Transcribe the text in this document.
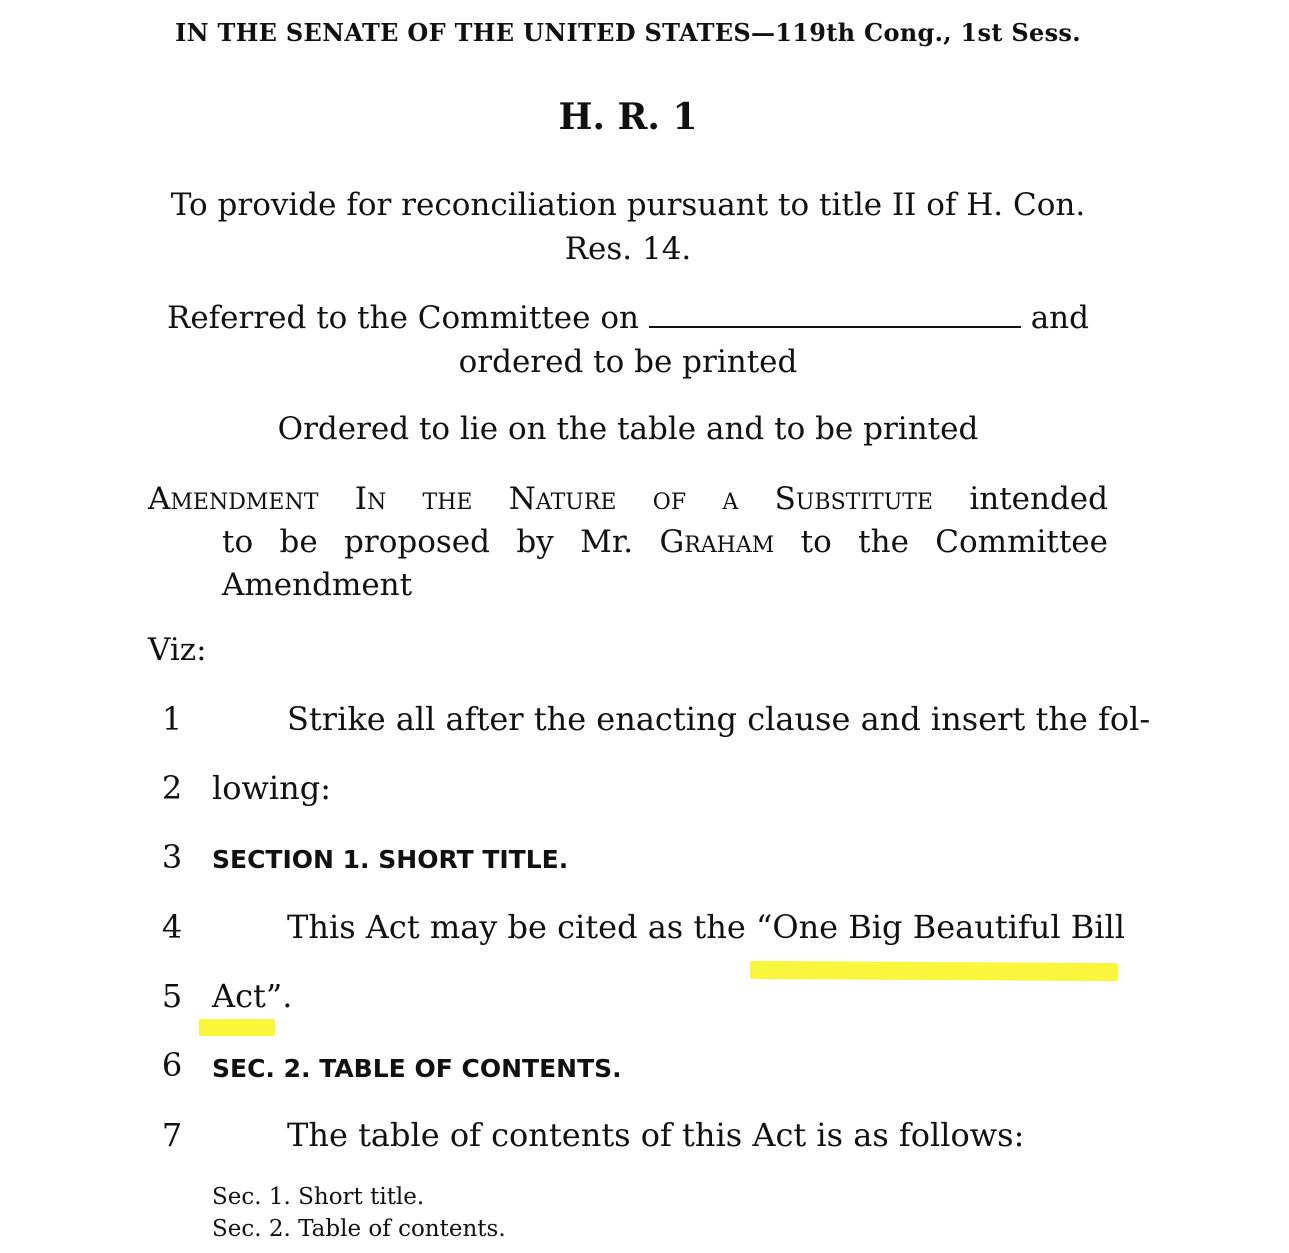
IN THE SENATE OF THE UNITED STATES—119th Cong., 1st Sess.
H. R. 1
To provide for reconciliation pursuant to title II of H. Con.
Res. 14.
Referred to the Committee on	and
ordered to be printed
Ordered to lie on the table and to be printed

Amendment In the Nature of a Substitute intended

to be proposed by Mr. Graham to the Committee

Amendment

Viz:
1	Strike all after the enacting clause and insert the fol-
2 lowing:
3 SECTION 1. SHORT TITLE.
4	This Act may be cited as the “One Big Beautiful Bill
5 Act”.
6 SEC. 2. TABLE OF CONTENTS.
7	The table of contents of this Act is as follows:
Sec. 1. Short title.
Sec. 2. Table of contents.
